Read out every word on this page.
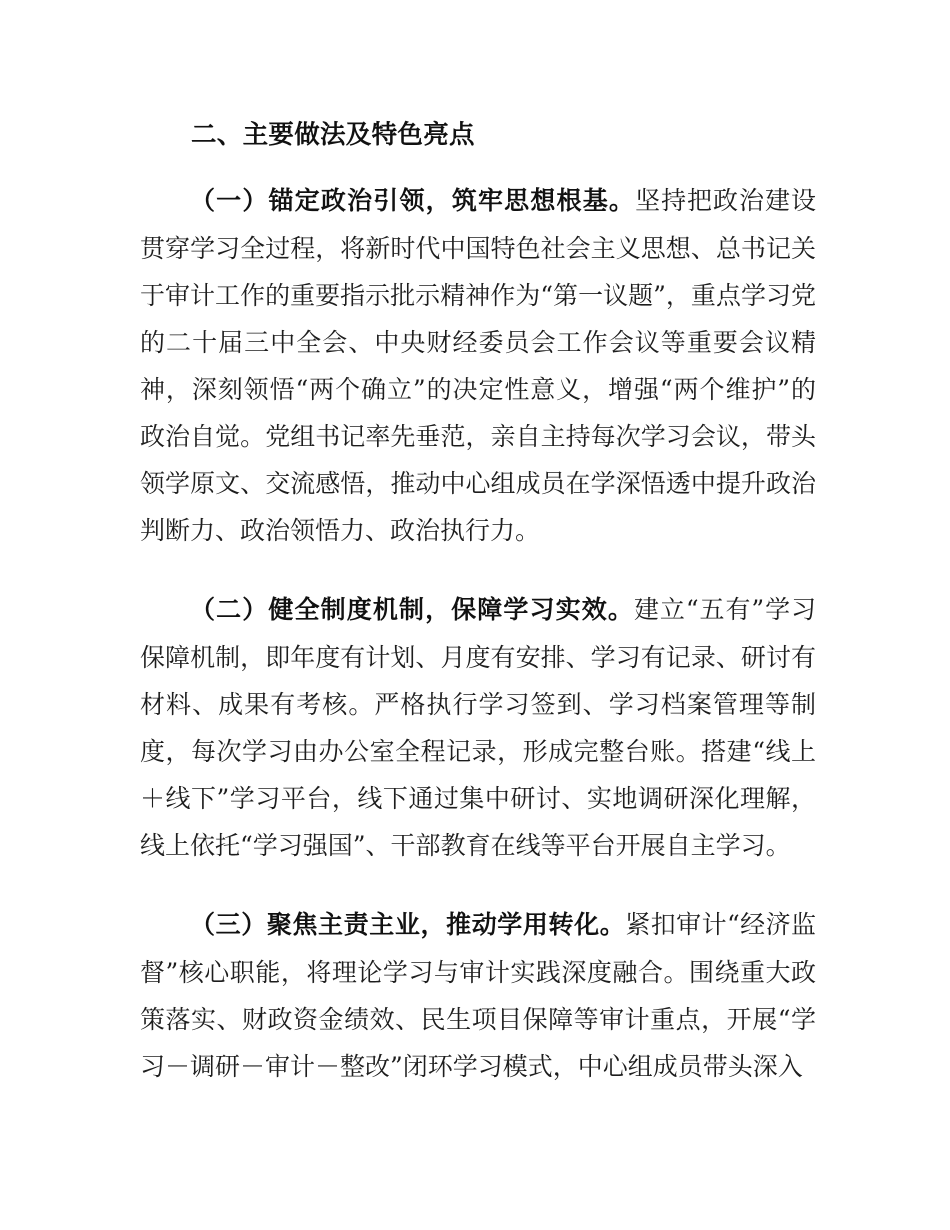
二、主要做法及特色亮点

（一）锚定政治引领，筑牢思想根基。坚持把政治建设贯穿学习全过程，将新时代中国特色社会主义思想、总书记关于审计工作的重要指示批示精神作为“第一议题”，重点学习党的二十届三中全会、中央财经委员会工作会议等重要会议精神，深刻领悟“两个确立”的决定性意义，增强“两个维护”的政治自觉。党组书记率先垂范，亲自主持每次学习会议，带头领学原文、交流感悟，推动中心组成员在学深悟透中提升政治判断力、政治领悟力、政治执行力。

（二）健全制度机制，保障学习实效。建立“五有”学习保障机制，即年度有计划、月度有安排、学习有记录、研讨有材料、成果有考核。严格执行学习签到、学习档案管理等制度，每次学习由办公室全程记录，形成完整台账。搭建“线上＋线下”学习平台，线下通过集中研讨、实地调研深化理解，线上依托“学习强国”、干部教育在线等平台开展自主学习。

（三）聚焦主责主业，推动学用转化。紧扣审计“经济监督”核心职能，将理论学习与审计实践深度融合。围绕重大政策落实、财政资金绩效、民生项目保障等审计重点，开展“学习－调研－审计－整改”闭环学习模式，中心组成员带头深入
